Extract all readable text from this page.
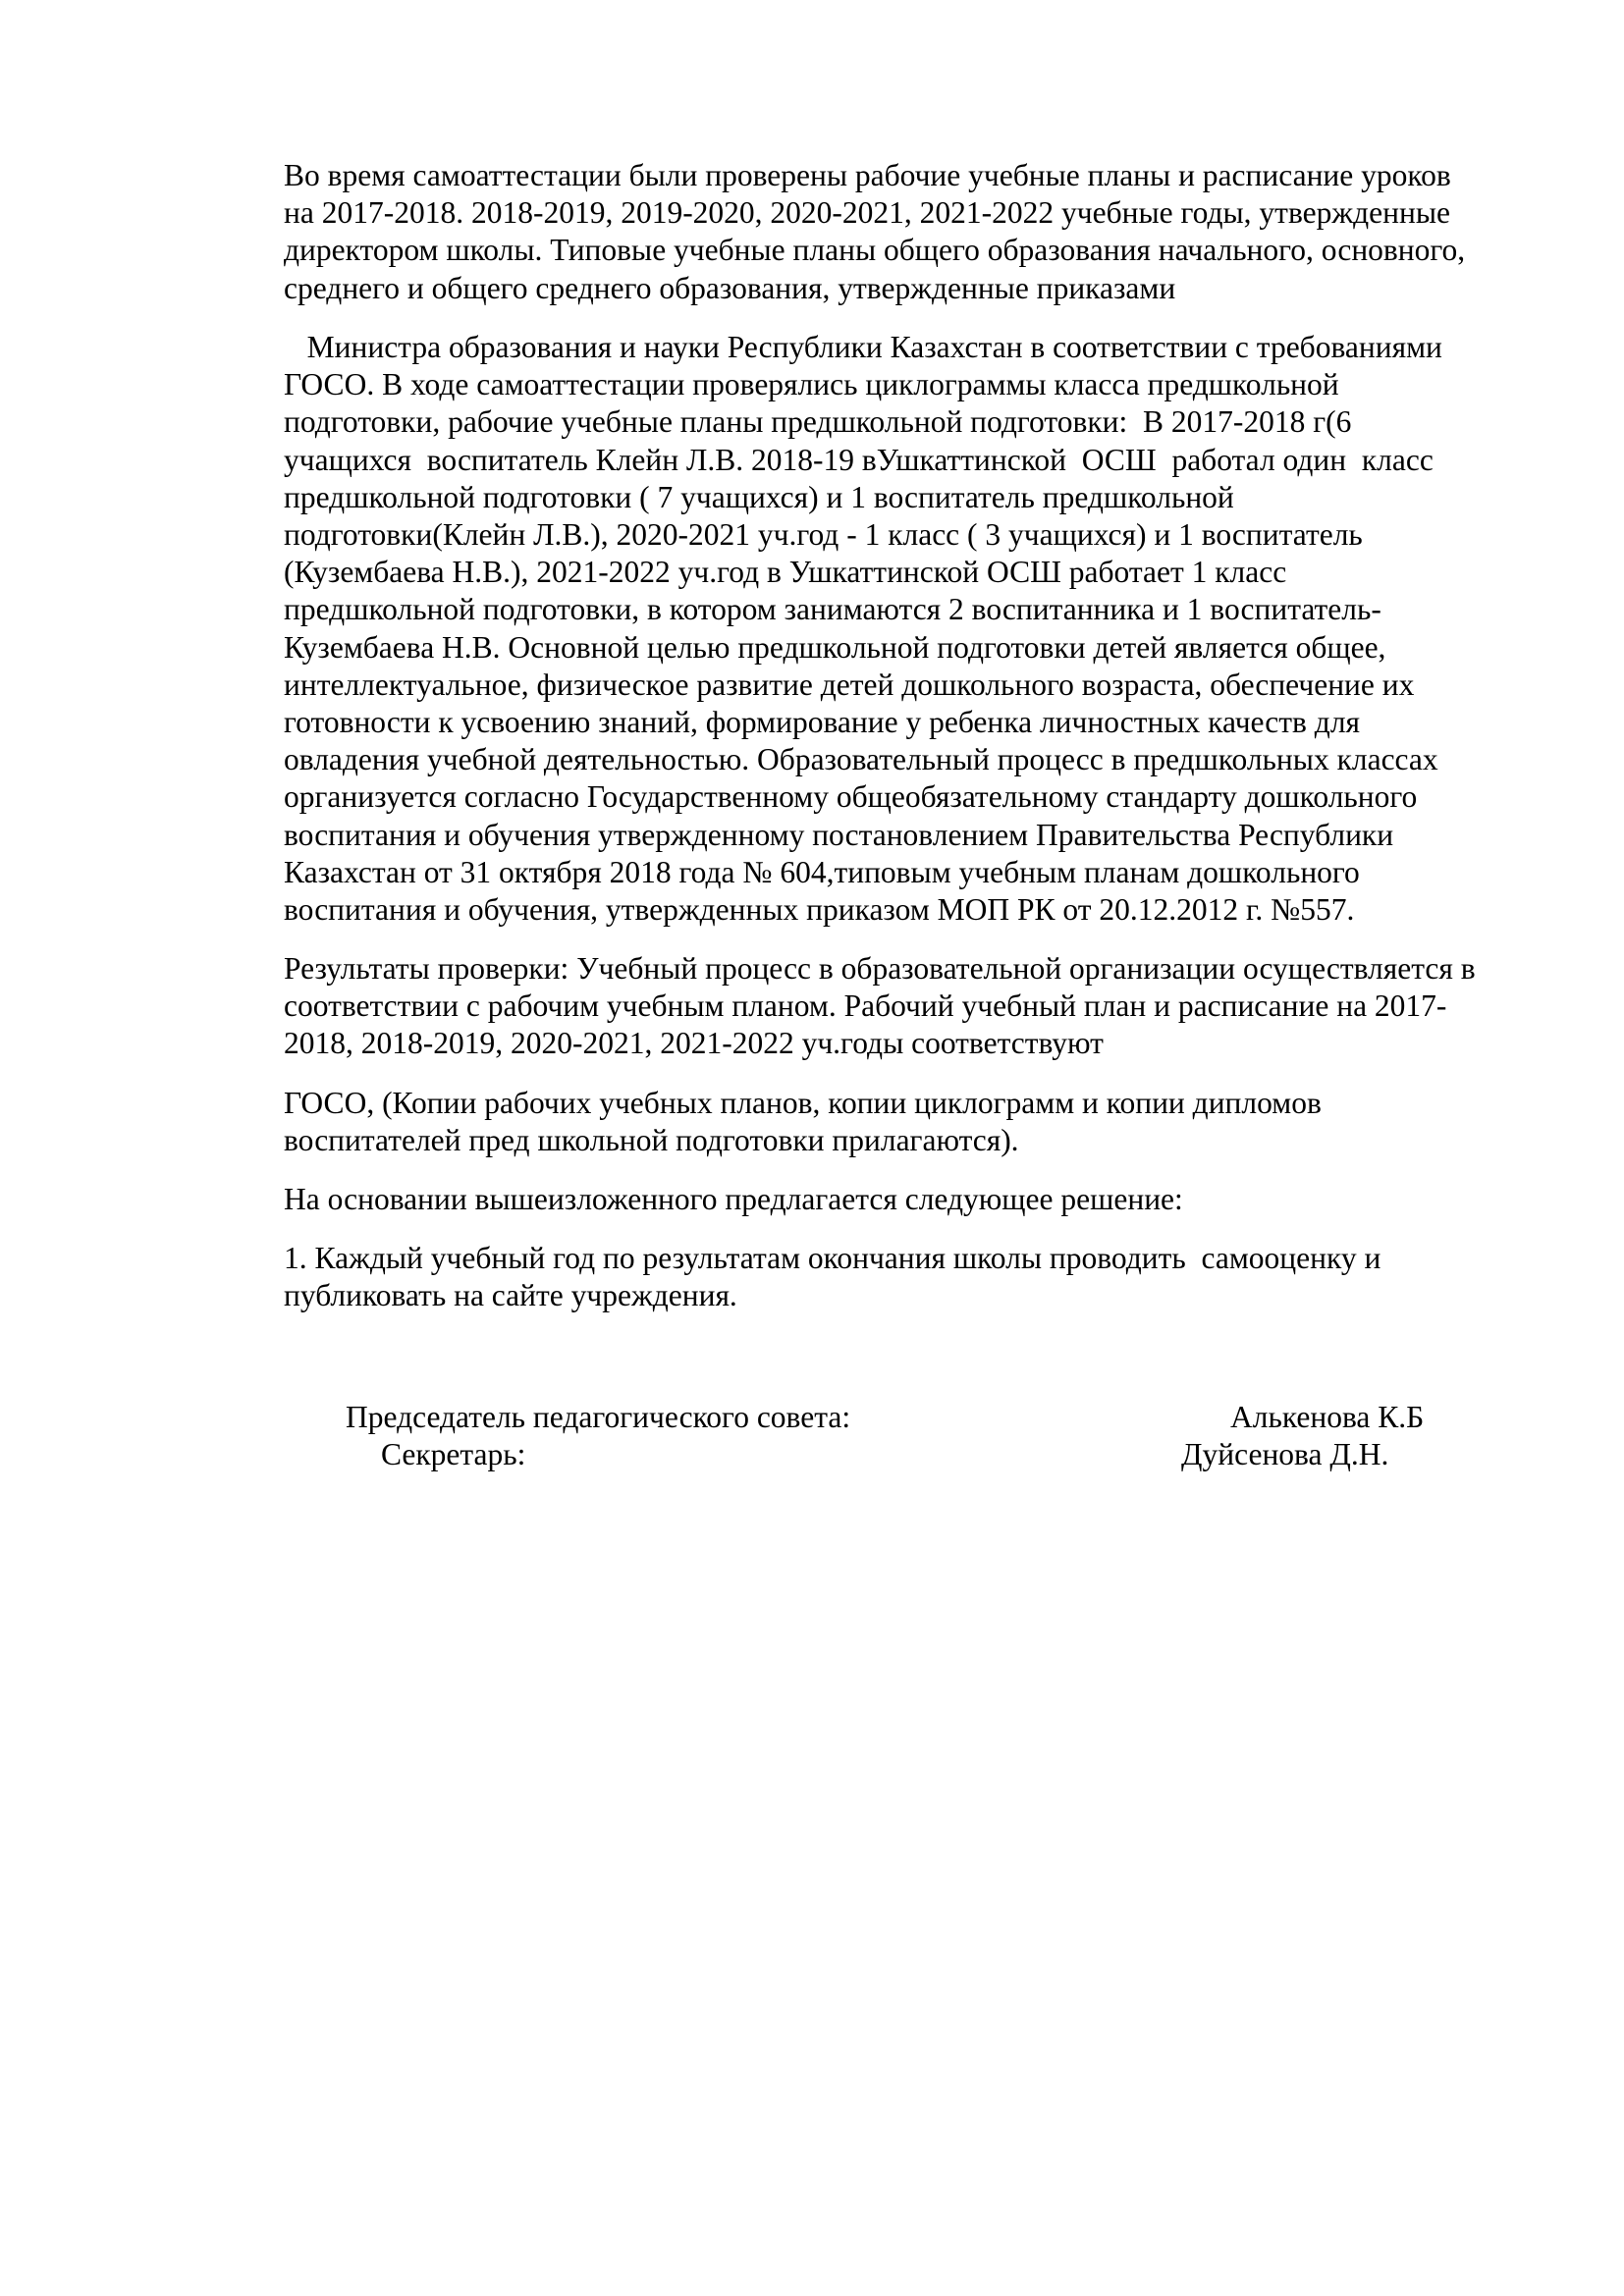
Во время самоаттестации были проверены рабочие учебные планы и расписание уроков
на 2017-2018. 2018-2019, 2019-2020, 2020-2021, 2021-2022 учебные годы, утвержденные
директором школы. Типовые учебные планы общего образования начального, основного,
среднего и общего среднего образования, утвержденные приказами
Министра образования и науки Республики Казахстан в соответствии с требованиями
ГОСО. В ходе самоаттестации проверялись циклограммы класса предшкольной
подготовки, рабочие учебные планы предшкольной подготовки:  В 2017-2018 г(6
учащихся  воспитатель Клейн Л.В. 2018-19 вУшкаттинской  ОСШ  работал один  класс
предшкольной подготовки ( 7 учащихся) и 1 воспитатель предшкольной
подготовки(Клейн Л.В.), 2020-2021 уч.год - 1 класс ( 3 учащихся) и 1 воспитатель
(Кузембаева Н.В.), 2021-2022 уч.год в Ушкаттинской ОСШ работает 1 класс
предшкольной подготовки, в котором занимаются 2 воспитанника и 1 воспитатель-
Кузембаева Н.В. Основной целью предшкольной подготовки детей является общее,
интеллектуальное, физическое развитие детей дошкольного возраста, обеспечение их
готовности к усвоению знаний, формирование у ребенка личностных качеств для
овладения учебной деятельностью. Образовательный процесс в предшкольных классах
организуется согласно Государственному общеобязательному стандарту дошкольного
воспитания и обучения утвержденному постановлением Правительства Республики
Казахстан от 31 октября 2018 года № 604,типовым учебным планам дошкольного
воспитания и обучения, утвержденных приказом МОП РК от 20.12.2012 г. №557.
Результаты проверки: Учебный процесс в образовательной организации осуществляется в
соответствии с рабочим учебным планом. Рабочий учебный план и расписание на 2017-
2018, 2018-2019, 2020-2021, 2021-2022 уч.годы соответствуют
ГОСО, (Копии рабочих учебных планов, копии циклограмм и копии дипломов
воспитателей пред школьной подготовки прилагаются).
На основании вышеизложенного предлагается следующее решение:
1. Каждый учебный год по результатам окончания школы проводить  самооценку и
публиковать на сайте учреждения.
Председатель педагогического совета:	Алькенова К.Б
Секретарь:	Дуйсенова Д.Н.
